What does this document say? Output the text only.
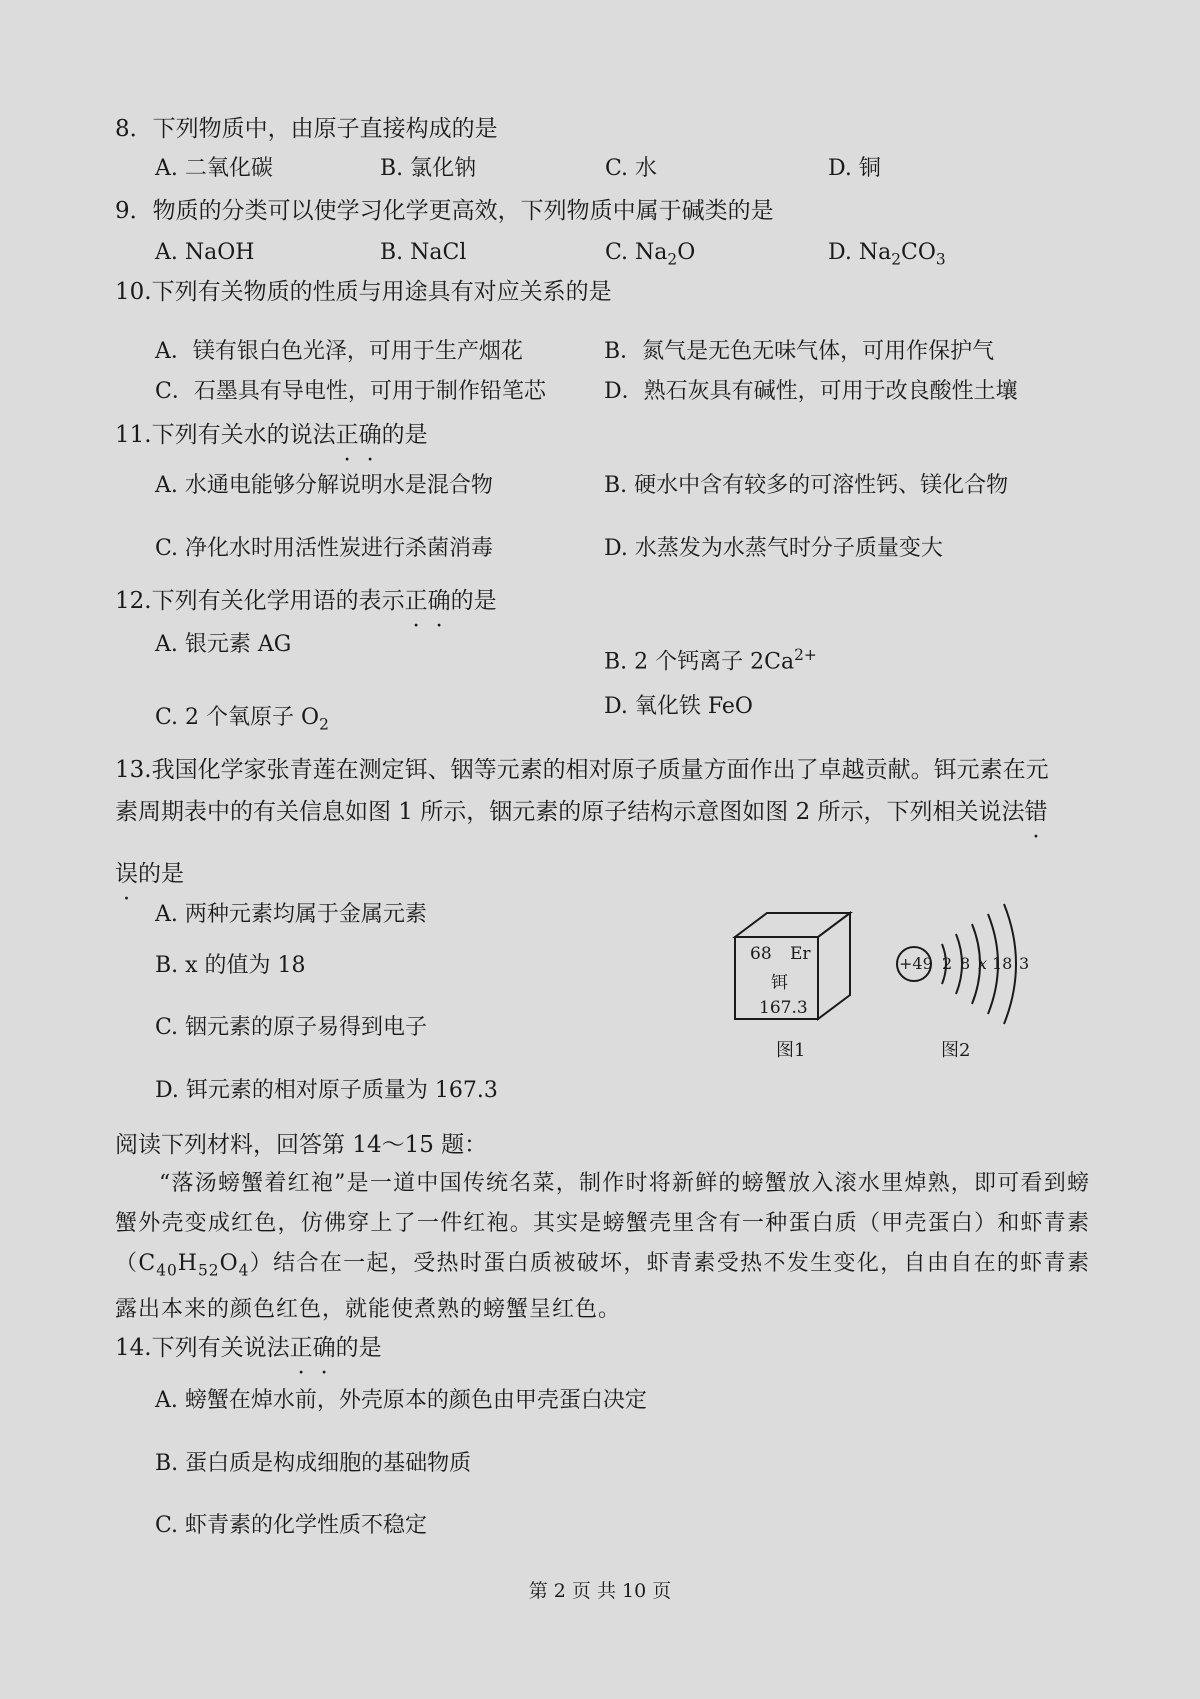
8．下列物质中，由原子直接构成的是
A. 二氧化碳	B. 氯化钠	C. 水	D. 铜
9．物质的分类可以使学习化学更高效，下列物质中属于碱类的是
A. NaOH	B. NaCl	C. $Na_2O$	D. $Na_2CO_3$
10.下列有关物质的性质与用途具有对应关系的是
A．镁有银白色光泽，可用于生产烟花	B．氮气是无色无味气体，可用作保护气
C．石墨具有导电性，可用于制作铅笔芯	D．熟石灰具有碱性，可用于改良酸性土壤
11.下列有关水的说法正确的是
A. 水通电能够分解说明水是混合物	B. 硬水中含有较多的可溶性钙、镁化合物
C. 净化水时用活性炭进行杀菌消毒	D. 水蒸发为水蒸气时分子质量变大
12.下列有关化学用语的表示正确的是
A. 银元素 AG
B. 2 个钙离子 $2Ca^{2+}$
C. 2 个氧原子 $O_2$
D. 氧化铁 FeO
13.我国化学家张青莲在测定铒、铟等元素的相对原子质量方面作出了卓越贡献。铒元素在元
素周期表中的有关信息如图 1 所示，铟元素的原子结构示意图如图 2 所示，下列相关说法错
误的是
A. 两种元素均属于金属元素
B. x 的值为 18
C. 铟元素的原子易得到电子
D. 铒元素的相对原子质量为 167.3
68 Er
铒
167.3
图1
+49 2 8 x 18 3
图2
阅读下列材料，回答第 14～15 题：

“落汤螃蟹着红袍”是一道中国传统名菜，制作时将新鲜的螃蟹放入滚水里焯熟，即可看到螃蟹外壳变成红色，仿佛穿上了一件红袍。其实是螃蟹壳里含有一种蛋白质（甲壳蛋白）和虾青素$(C_{40}H_{52}O_4)$结合在一起，受热时蛋白质被破坏，虾青素受热不发生变化，自由自在的虾青素露出本来的颜色红色，就能使煮熟的螃蟹呈红色。

14.下列有关说法正确的是
A. 螃蟹在焯水前，外壳原本的颜色由甲壳蛋白决定
B. 蛋白质是构成细胞的基础物质
C. 虾青素的化学性质不稳定
第 2 页 共 10 页
